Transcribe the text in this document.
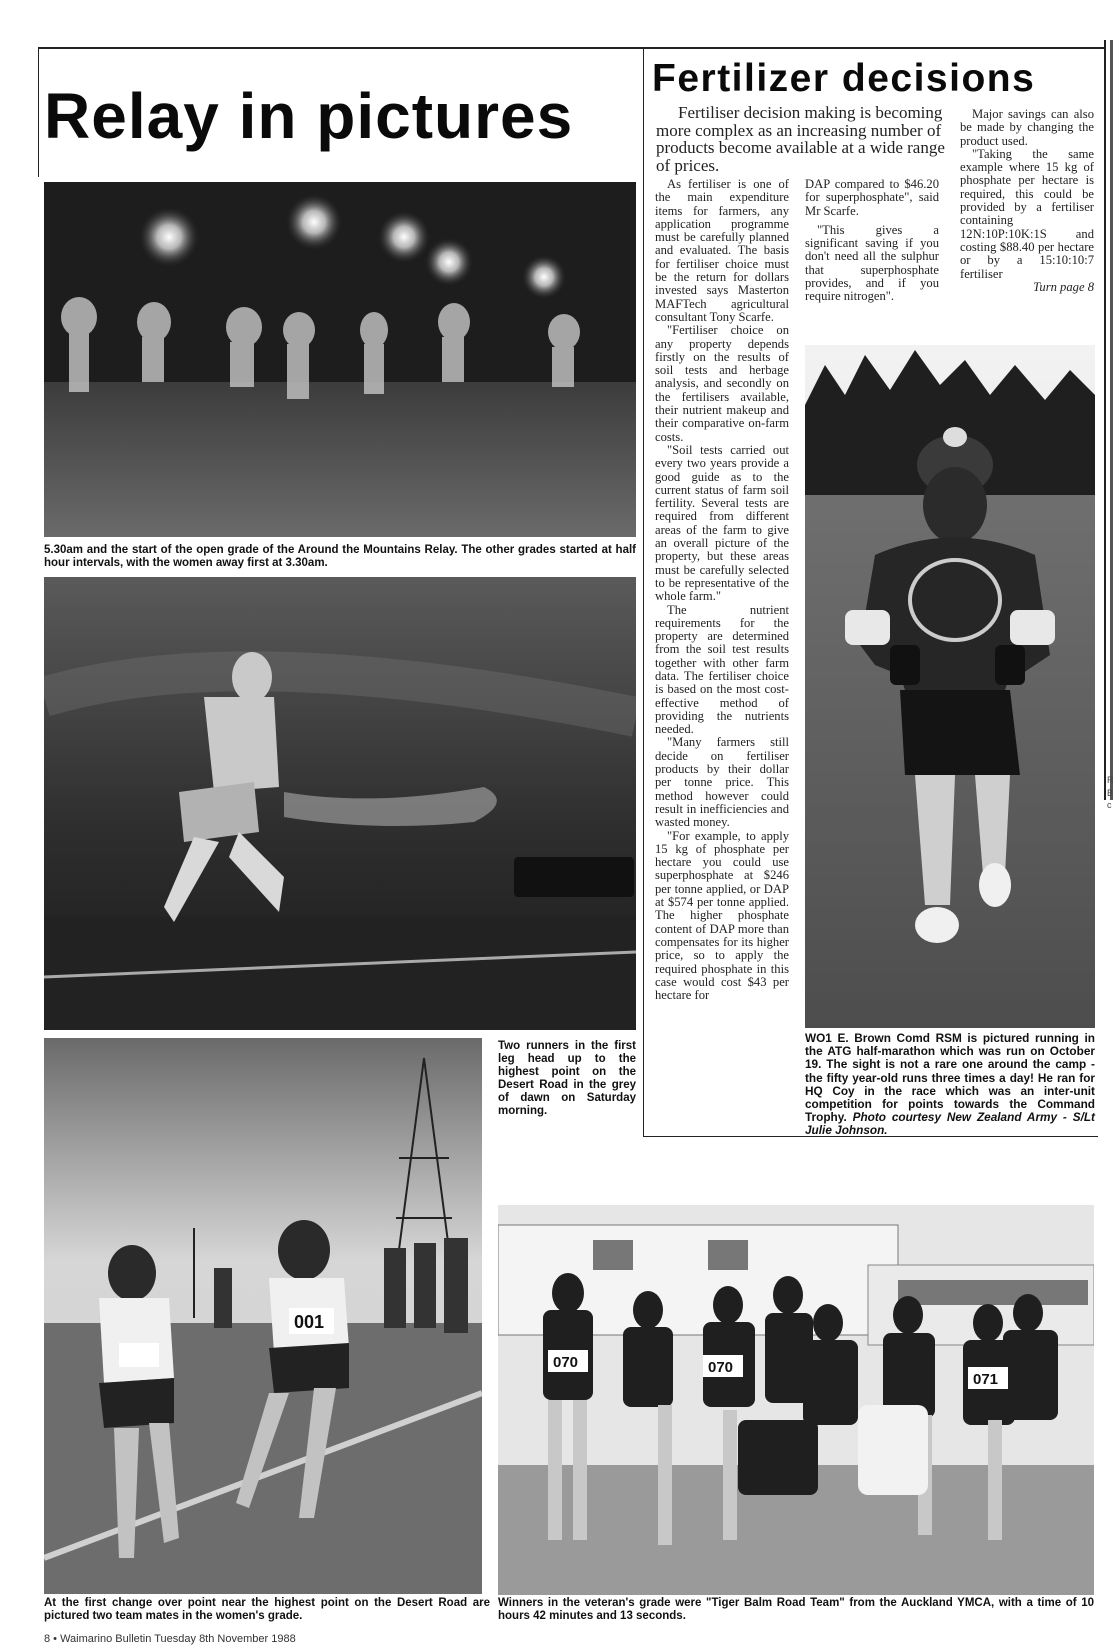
Relay in pictures
5.30am and the start of the open grade of the Around the Mountains Relay. The other grades started at half hour intervals, with the women away first at 3.30am.
Two runners in the first leg head up to the highest point on the Desert Road in the grey of dawn on Saturday morning.
001
At the first change over point near the highest point on the Desert Road are pictured two team mates in the women's grade.
070	070
071
Winners in the veteran's grade were "Tiger Balm Road Team" from the Auckland YMCA, with a time of 10 hours 42 minutes and 13 seconds.
Fertilizer decisions

Fertiliser decision making is becoming more complex as an increasing number of products become available at a wide range of prices.

As fertiliser is one of the main expenditure items for farmers, any application programme must be carefully planned and evaluated. The basis for fertiliser choice must be the return for dollars invested says Masterton MAFTech agricultural consultant Tony Scarfe.

"Fertiliser choice on any property depends firstly on the results of soil tests and herbage analysis, and secondly on the fertilisers available, their nutrient makeup and their comparative on-farm costs.

"Soil tests carried out every two years provide a good guide as to the current status of farm soil fertility. Several tests are required from different areas of the farm to give an overall picture of the property, but these areas must be carefully selected to be representative of the whole farm."

The nutrient requirements for the property are determined from the soil test results together with other farm data. The fertiliser choice is based on the most cost-effective method of providing the nutrients needed.

"Many farmers still decide on fertiliser products by their dollar per tonne price. This method however could result in inefficiencies and wasted money.

"For example, to apply 15 kg of phosphate per hectare you could use superphosphate at $246 per tonne applied, or DAP at $574 per tonne applied. The higher phosphate content of DAP more than compensates for its higher price, so to apply the required phosphate in this case would cost $43 per hectare for

DAP compared to $46.20 for superphosphate", said Mr Scarfe.

"This gives a significant saving if you don't need all the sulphur that superphosphate provides, and if you require nitrogen".

Major savings can also be made by changing the product used.

"Taking the same example where 15 kg of phosphate per hectare is required, this could be provided by a fertiliser containing 12N:10P:10K:1S and costing $88.40 per hectare or by a 15:10:10:7 fertiliser

Turn page 8
WO1 E. Brown Comd RSM is pictured running in the ATG half-marathon which was run on October 19. The sight is not a rare one around the camp - the fifty year-old runs three times a day! He ran for HQ Coy in the race which was an inter-unit competition for points towards the Command Trophy. Photo courtesy New Zealand Army - S/Lt Julie Johnson.
R
B
c
8 • Waimarino Bulletin Tuesday 8th November 1988
